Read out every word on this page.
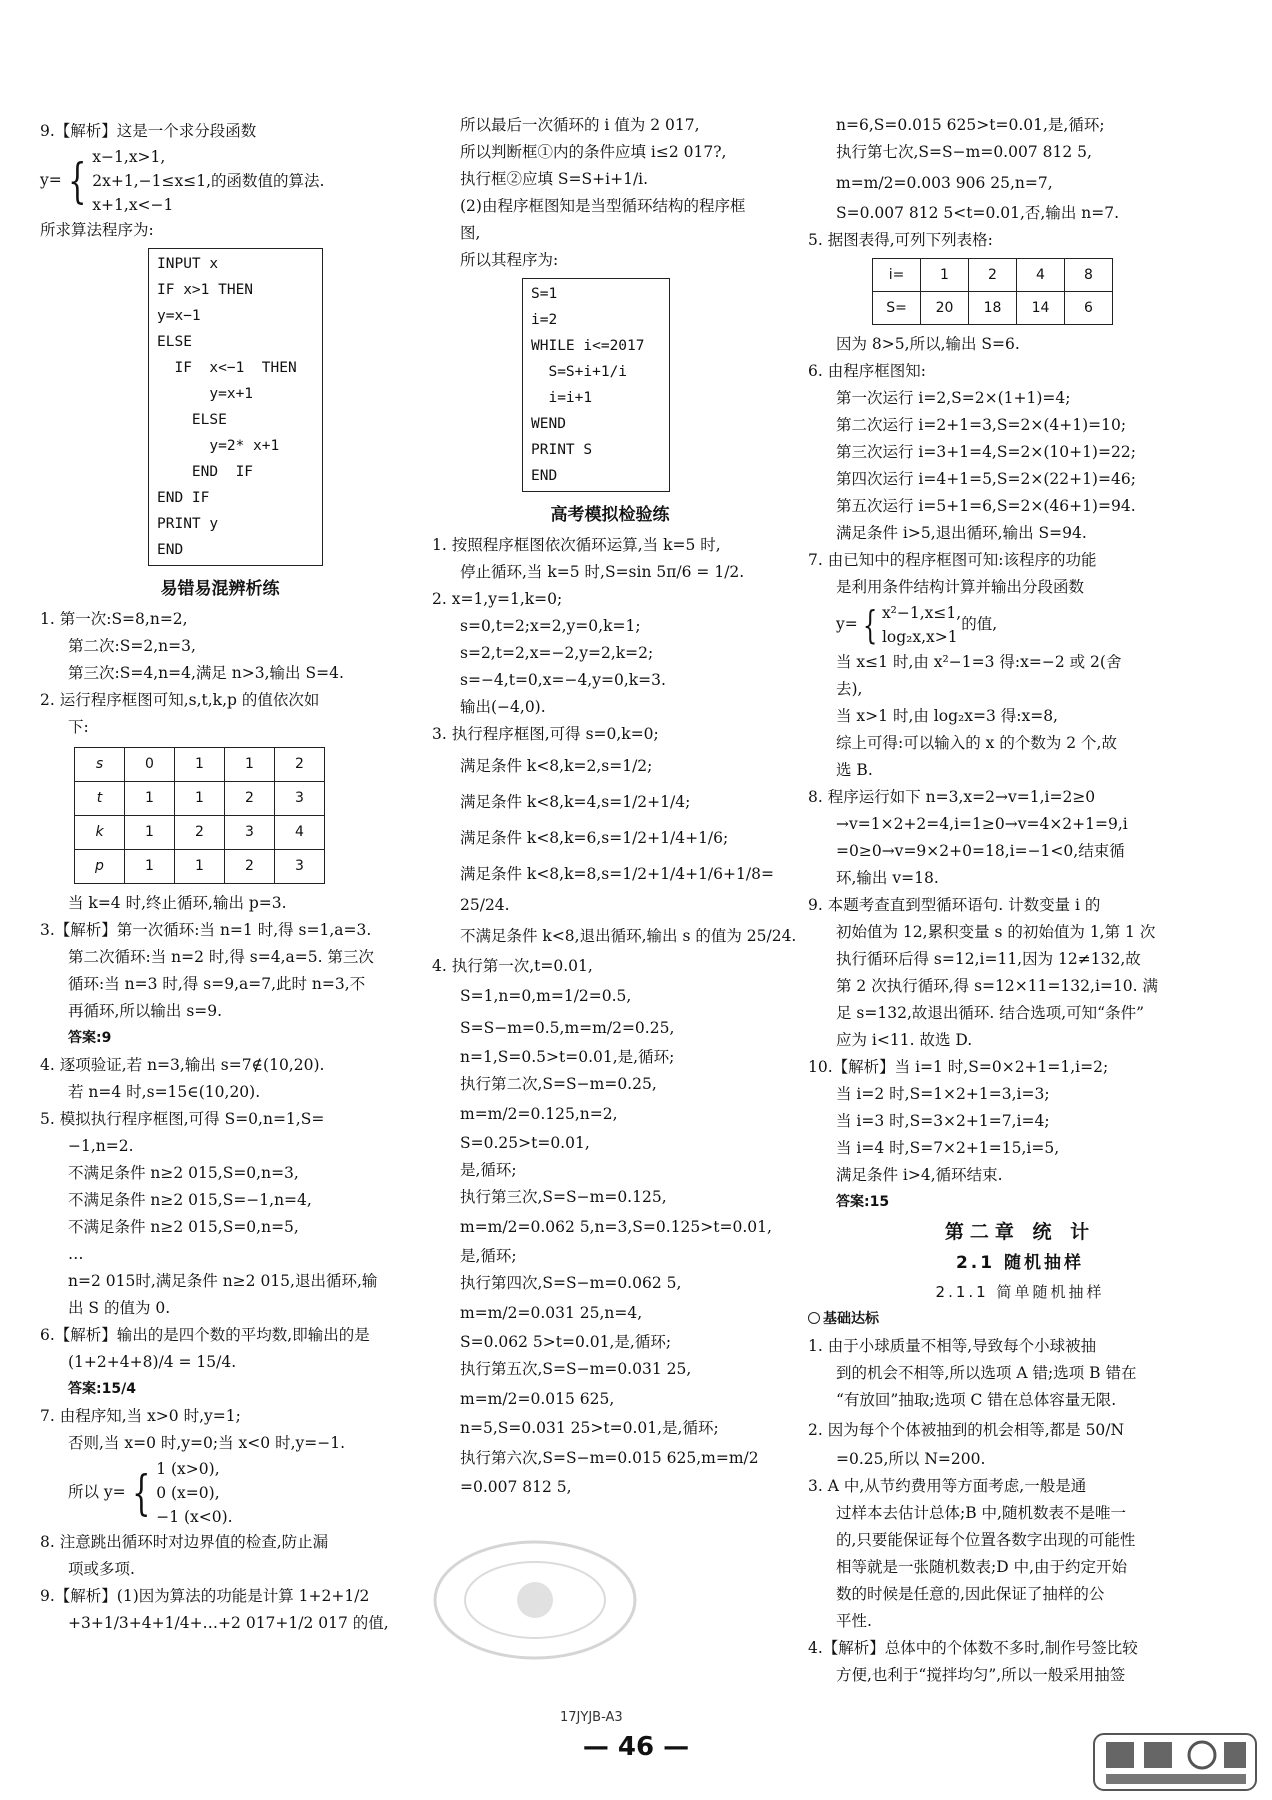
9.【解析】这是一个求分段函数
y= { x−1,x>1,
2x+1,−1≤x≤1,的函数值的算法.
x+1,x<−1
所求算法程序为:
INPUT x
IF x>1 THEN
y=x−1
ELSE
IF  x<−1  THEN
y=x+1
ELSE
y=2* x+1
END  IF
END IF
PRINT y
END
易错易混辨析练
1. 第一次:S=8,n=2,
第二次:S=2,n=3,
第三次:S=4,n=4,满足 n>3,输出 S=4.
2. 运行程序框图可知,s,t,k,p 的值依次如
下:
s	0	1	1	2
t	1	1	2	3
k	1	2	3	4
p	1	1	2	3
当 k=4 时,终止循环,输出 p=3.
3.【解析】第一次循环:当 n=1 时,得 s=1,a=3.
第二次循环:当 n=2 时,得 s=4,a=5. 第三次
循环:当 n=3 时,得 s=9,a=7,此时 n=3,不
再循环,所以输出 s=9.
答案:9
4. 逐项验证,若 n=3,输出 s=7∉(10,20).
若 n=4 时,s=15∈(10,20).
5. 模拟执行程序框图,可得 S=0,n=1,S=
−1,n=2.
不满足条件 n≥2 015,S=0,n=3,
不满足条件 n≥2 015,S=−1,n=4,
不满足条件 n≥2 015,S=0,n=5,
…
n=2 015时,满足条件 n≥2 015,退出循环,输
出 S 的值为 0.
6.【解析】输出的是四个数的平均数,即输出的是
(1+2+4+8)/4 = 15/4.
答案:15/4
7. 由程序知,当 x>0 时,y=1;
否则,当 x=0 时,y=0;当 x<0 时,y=−1.
所以 y= { 1 (x>0),
0 (x=0),
−1 (x<0).
8. 注意跳出循环时对边界值的检查,防止漏
项或多项.
9.【解析】(1)因为算法的功能是计算 1+2+1/2
+3+1/3+4+1/4+…+2 017+1/2 017 的值,
所以最后一次循环的 i 值为 2 017,
所以判断框①内的条件应填 i≤2 017?,
执行框②应填 S=S+i+1/i.
(2)由程序框图知是当型循环结构的程序框
图,
所以其程序为:
S=1
i=2
WHILE i<=2017
S=S+i+1/i
i=i+1
WEND
PRINT S
END
高考模拟检验练
1. 按照程序框图依次循环运算,当 k=5 时,
停止循环,当 k=5 时,S=sin 5π/6 = 1/2.
2. x=1,y=1,k=0;
s=0,t=2;x=2,y=0,k=1;
s=2,t=2,x=−2,y=2,k=2;
s=−4,t=0,x=−4,y=0,k=3.
输出(−4,0).
3. 执行程序框图,可得 s=0,k=0;
满足条件 k<8,k=2,s=1/2;
满足条件 k<8,k=4,s=1/2+1/4;
满足条件 k<8,k=6,s=1/2+1/4+1/6;
满足条件 k<8,k=8,s=1/2+1/4+1/6+1/8=
25/24.
不满足条件 k<8,退出循环,输出 s 的值为 25/24.
4. 执行第一次,t=0.01,
S=1,n=0,m=1/2=0.5,
S=S−m=0.5,m=m/2=0.25,
n=1,S=0.5>t=0.01,是,循环;
执行第二次,S=S−m=0.25,
m=m/2=0.125,n=2,
S=0.25>t=0.01,
是,循环;
执行第三次,S=S−m=0.125,
m=m/2=0.062 5,n=3,S=0.125>t=0.01,
是,循环;
执行第四次,S=S−m=0.062 5,
m=m/2=0.031 25,n=4,
S=0.062 5>t=0.01,是,循环;
执行第五次,S=S−m=0.031 25,
m=m/2=0.015 625,
n=5,S=0.031 25>t=0.01,是,循环;
执行第六次,S=S−m=0.015 625,m=m/2
=0.007 812 5,
n=6,S=0.015 625>t=0.01,是,循环;
执行第七次,S=S−m=0.007 812 5,
m=m/2=0.003 906 25,n=7,
S=0.007 812 5<t=0.01,否,输出 n=7.
5. 据图表得,可列下列表格:
i=	1	2	4	8
S=	20	18	14	6
因为 8>5,所以,输出 S=6.
6. 由程序框图知:
第一次运行 i=2,S=2×(1+1)=4;
第二次运行 i=2+1=3,S=2×(4+1)=10;
第三次运行 i=3+1=4,S=2×(10+1)=22;
第四次运行 i=4+1=5,S=2×(22+1)=46;
第五次运行 i=5+1=6,S=2×(46+1)=94.
满足条件 i>5,退出循环,输出 S=94.
7. 由已知中的程序框图可知:该程序的功能
是利用条件结构计算并输出分段函数
y= { x²−1,x≤1,
log₂x,x>1
的值,
当 x≤1 时,由 x²−1=3 得:x=−2 或 2(舍
去),
当 x>1 时,由 log₂x=3 得:x=8,
综上可得:可以输入的 x 的个数为 2 个,故
选 B.
8. 程序运行如下 n=3,x=2→v=1,i=2≥0
→v=1×2+2=4,i=1≥0→v=4×2+1=9,i
=0≥0→v=9×2+0=18,i=−1<0,结束循
环,输出 v=18.
9. 本题考查直到型循环语句. 计数变量 i 的
初始值为 12,累积变量 s 的初始值为 1,第 1 次
执行循环后得 s=12,i=11,因为 12≠132,故
第 2 次执行循环,得 s=12×11=132,i=10. 满
足 s=132,故退出循环. 结合选项,可知“条件”
应为 i<11. 故选 D.
10.【解析】当 i=1 时,S=0×2+1=1,i=2;
当 i=2 时,S=1×2+1=3,i=3;
当 i=3 时,S=3×2+1=7,i=4;
当 i=4 时,S=7×2+1=15,i=5,
满足条件 i>4,循环结束.
答案:15
第二章 统 计
2.1 随机抽样
2.1.1 简单随机抽样
基础达标
1. 由于小球质量不相等,导致每个小球被抽
到的机会不相等,所以选项 A 错;选项 B 错在
“有放回”抽取;选项 C 错在总体容量无限.
2. 因为每个个体被抽到的机会相等,都是 50/N
=0.25,所以 N=200.
3. A 中,从节约费用等方面考虑,一般是通
过样本去估计总体;B 中,随机数表不是唯一
的,只要能保证每个位置各数字出现的可能性
相等就是一张随机数表;D 中,由于约定开始
数的时候是任意的,因此保证了抽样的公
平性.
4.【解析】总体中的个体数不多时,制作号签比较
方便,也利于“搅拌均匀”,所以一般采用抽签
17JYJB-A3
— 46 —
